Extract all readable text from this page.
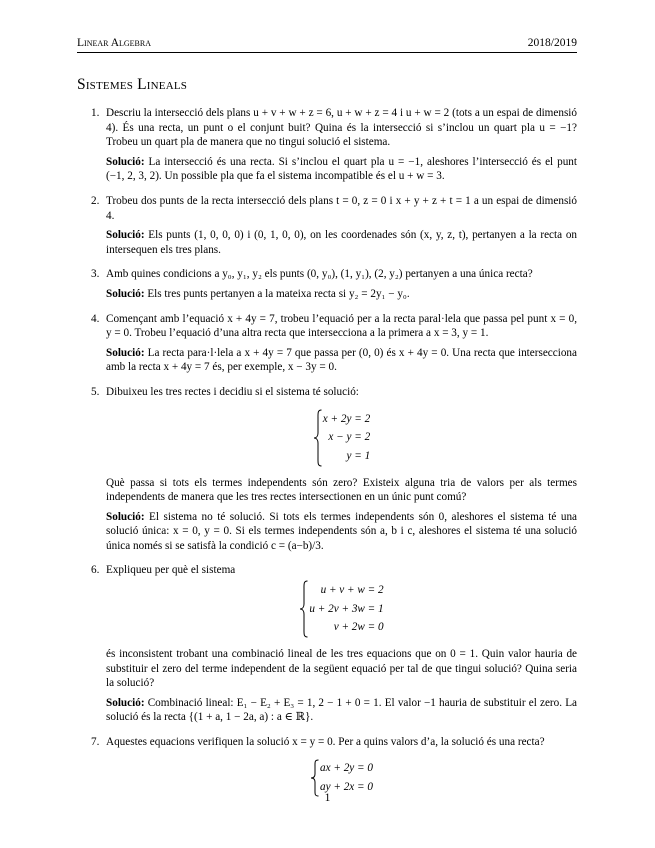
Linear Algebra	2018/2019
Sistemes Lineals
1. Descriu la intersecció dels plans u + v + w + z = 6, u + w + z = 4 i u + w = 2 (tots a un espai de dimensió 4). És una recta, un punt o el conjunt buit? Quina és la intersecció si s’inclou un quart pla u = −1? Trobeu un quart pla de manera que no tingui solució el sistema.
Solució: La intersecció és una recta. Si s’inclou el quart pla u = −1, aleshores l’intersecció és el punt (−1, 2, 3, 2). Un possible pla que fa el sistema incompatible és el u + w = 3.
2. Trobeu dos punts de la recta intersecció dels plans t = 0, z = 0 i x + y + z + t = 1 a un espai de dimensió 4.
Solució: Els punts (1, 0, 0, 0) i (0, 1, 0, 0), on les coordenades són (x, y, z, t), pertanyen a la recta on intersequen els tres plans.
3. Amb quines condicions a y₀, y₁, y₂ els punts (0, y₀), (1, y₁), (2, y₂) pertanyen a una única recta?
Solució: Els tres punts pertanyen a la mateixa recta si y₂ = 2y₁ − y₀.
4. Començant amb l’equació x + 4y = 7, trobeu l’equació per a la recta paral·lela que passa pel punt x = 0, y = 0. Trobeu l’equació d’una altra recta que intersecciona a la primera a x = 3, y = 1.
Solució: La recta para·l·lela a x + 4y = 7 que passa per (0, 0) és x + 4y = 0. Una recta que intersecciona amb la recta x + 4y = 7 és, per exemple, x − 3y = 0.
5. Dibuixeu les tres rectes i decidiu si el sistema té solució:
x + 2y = 2
x − y = 2
y = 1
Què passa si tots els termes independents són zero? Existeix alguna tria de valors per als termes independents de manera que les tres rectes intersectionen en un únic punt comú?
Solució: El sistema no té solució. Si tots els termes independents són 0, aleshores el sistema té una solució única: x = 0, y = 0. Si els termes independents són a, b i c, aleshores el sistema té una solució única només si se satisfà la condició c = (a−b)/3.
6. Expliqueu per què el sistema
u + v + w = 2
u + 2v + 3w = 1
v + 2w = 0
és inconsistent trobant una combinació lineal de les tres equacions que on 0 = 1. Quin valor hauria de substituir el zero del terme independent de la següent equació per tal de que tingui solució? Quina seria la solució?
Solució: Combinació lineal: E₁ − E₂ + E₃ = 1, 2 − 1 + 0 = 1. El valor −1 hauria de substituir el zero. La solució és la recta {(1 + a, 1 − 2a, a) : a ∈ ℝ}.
7. Aquestes equacions verifiquen la solució x = y = 0. Per a quins valors d’a, la solució és una recta?
ax + 2y = 0
ay + 2x = 0
1
